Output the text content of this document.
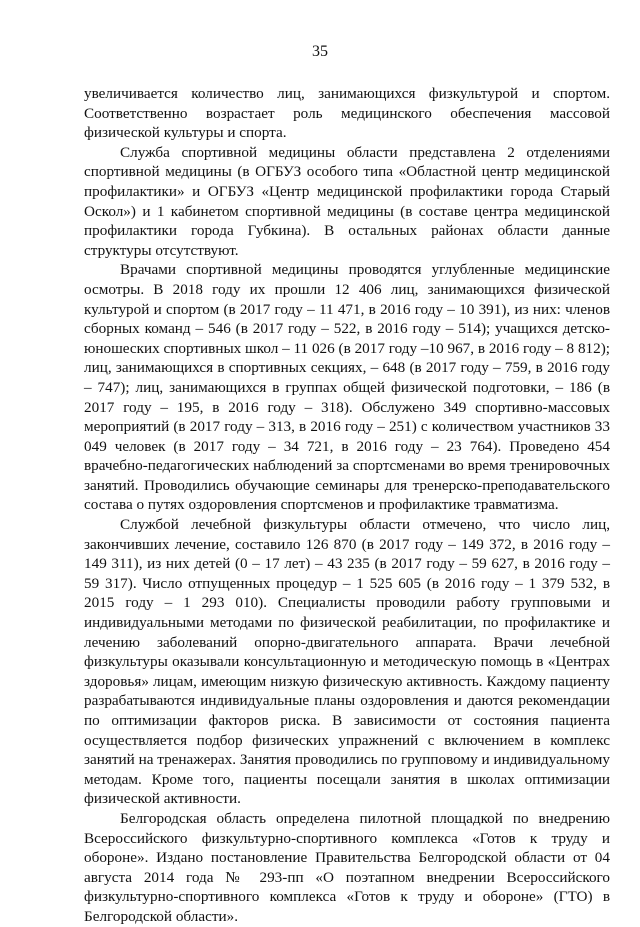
35

увеличивается количество лиц, занимающихся физкультурой и спортом. Соответственно возрастает роль медицинского обеспечения массовой физической культуры и спорта.

Служба спортивной медицины области представлена 2 отделениями спортивной медицины (в ОГБУЗ особого типа «Областной центр медицинской профилактики» и ОГБУЗ «Центр медицинской профилактики города Старый Оскол») и 1 кабинетом спортивной медицины (в составе центра медицинской профилактики города Губкина). В остальных районах области данные структуры отсутствуют.

Врачами спортивной медицины проводятся углубленные медицинские осмотры. В 2018 году их прошли 12 406 лиц, занимающихся физической культурой и спортом (в 2017 году – 11 471, в 2016 году – 10 391), из них: членов сборных команд – 546 (в 2017 году – 522, в 2016 году – 514); учащихся детско-юношеских спортивных школ – 11 026 (в 2017 году –10 967, в 2016 году – 8 812); лиц, занимающихся в спортивных секциях, – 648 (в 2017 году – 759, в 2016 году – 747); лиц, занимающихся в группах общей физической подготовки, – 186 (в 2017 году – 195, в 2016 году – 318). Обслужено 349 спортивно-массовых мероприятий (в 2017 году – 313, в 2016 году – 251) с количеством участников 33 049 человек (в 2017 году – 34 721, в 2016 году – 23 764). Проведено 454 врачебно-педагогических наблюдений за спортсменами во время тренировочных занятий. Проводились обучающие семинары для тренерско-преподавательского состава о путях оздоровления спортсменов и профилактике травматизма.

Службой лечебной физкультуры области отмечено, что число лиц, закончивших лечение, составило 126 870 (в 2017 году – 149 372, в 2016 году – 149 311), из них детей (0 – 17 лет) – 43 235 (в 2017 году – 59 627, в 2016 году – 59 317). Число отпущенных процедур – 1 525 605 (в 2016 году – 1 379 532, в 2015 году – 1 293 010). Специалисты проводили работу групповыми и индивидуальными методами по физической реабилитации, по профилактике и лечению заболеваний опорно-двигательного аппарата. Врачи лечебной физкультуры оказывали консультационную и методическую помощь в «Центрах здоровья» лицам, имеющим низкую физическую активность. Каждому пациенту разрабатываются индивидуальные планы оздоровления и даются рекомендации по оптимизации факторов риска. В зависимости от состояния пациента осуществляется подбор физических упражнений с включением в комплекс занятий на тренажерах. Занятия проводились по групповому и индивидуальному методам. Кроме того, пациенты посещали занятия в школах оптимизации физической активности.

Белгородская область определена пилотной площадкой по внедрению Всероссийского физкультурно-спортивного комплекса «Готов к труду и обороне». Издано постановление Правительства Белгородской области от 04 августа 2014 года № 293-пп «О поэтапном внедрении Всероссийского физкультурно-спортивного комплекса «Готов к труду и обороне» (ГТО) в Белгородской области».
